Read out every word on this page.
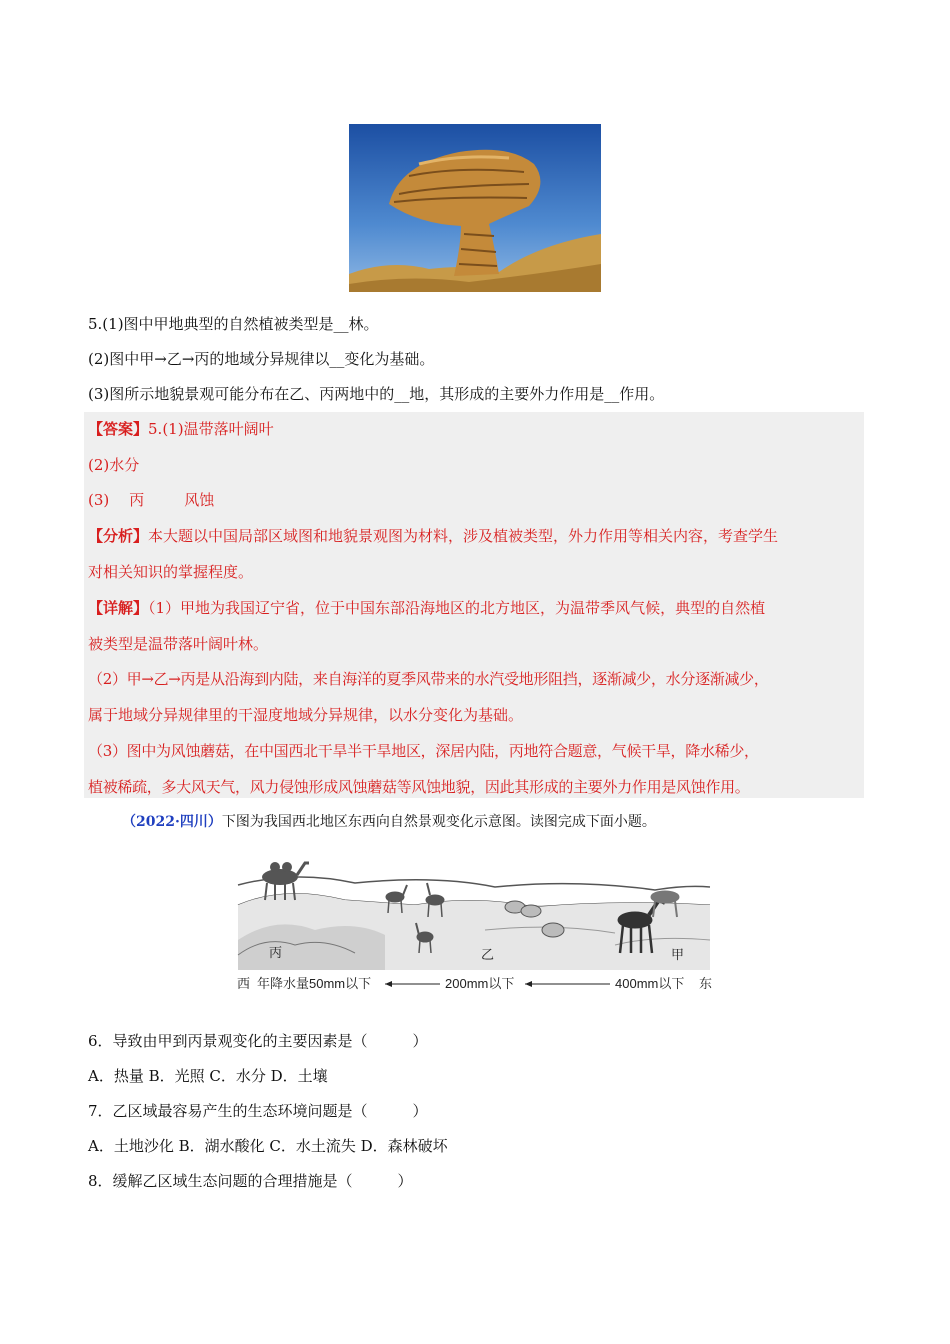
5.(1)图中甲地典型的自然植被类型是__林。
(2)图中甲→乙→丙的地域分异规律以__变化为基础。
(3)图所示地貌景观可能分布在乙、丙两地中的__地，其形成的主要外力作用是__作用。
【答案】5.(1)温带落叶阔叶
(2)水分
(3) 丙	风蚀
【分析】本大题以中国局部区域图和地貌景观图为材料，涉及植被类型，外力作用等相关内容，考查学生
对相关知识的掌握程度。
【详解】（1）甲地为我国辽宁省，位于中国东部沿海地区的北方地区，为温带季风气候，典型的自然植
被类型是温带落叶阔叶林。
（2）甲→乙→丙是从沿海到内陆，来自海洋的夏季风带来的水汽受地形阻挡，逐渐减少，水分逐渐减少，
属于地域分异规律里的干湿度地域分异规律，以水分变化为基础。
（3）图中为风蚀蘑菇，在中国西北干旱半干旱地区，深居内陆，丙地符合题意，气候干旱，降水稀少，
植被稀疏，多大风天气，风力侵蚀形成风蚀蘑菇等风蚀地貌，因此其形成的主要外力作用是风蚀作用。
（2022·四川）下图为我国西北地区东西向自然景观变化示意图。读图完成下面小题。
丙	乙	甲
西 年降水量50mm以下	200mm以下	400mm以下 东
6．导致由甲到丙景观变化的主要因素是（　　　）
A．热量 B．光照 C．水分 D．土壤
7．乙区域最容易产生的生态环境问题是（　　　）
A．土地沙化 B．湖水酸化 C．水土流失 D．森林破坏
8．缓解乙区域生态问题的合理措施是（　　　）
